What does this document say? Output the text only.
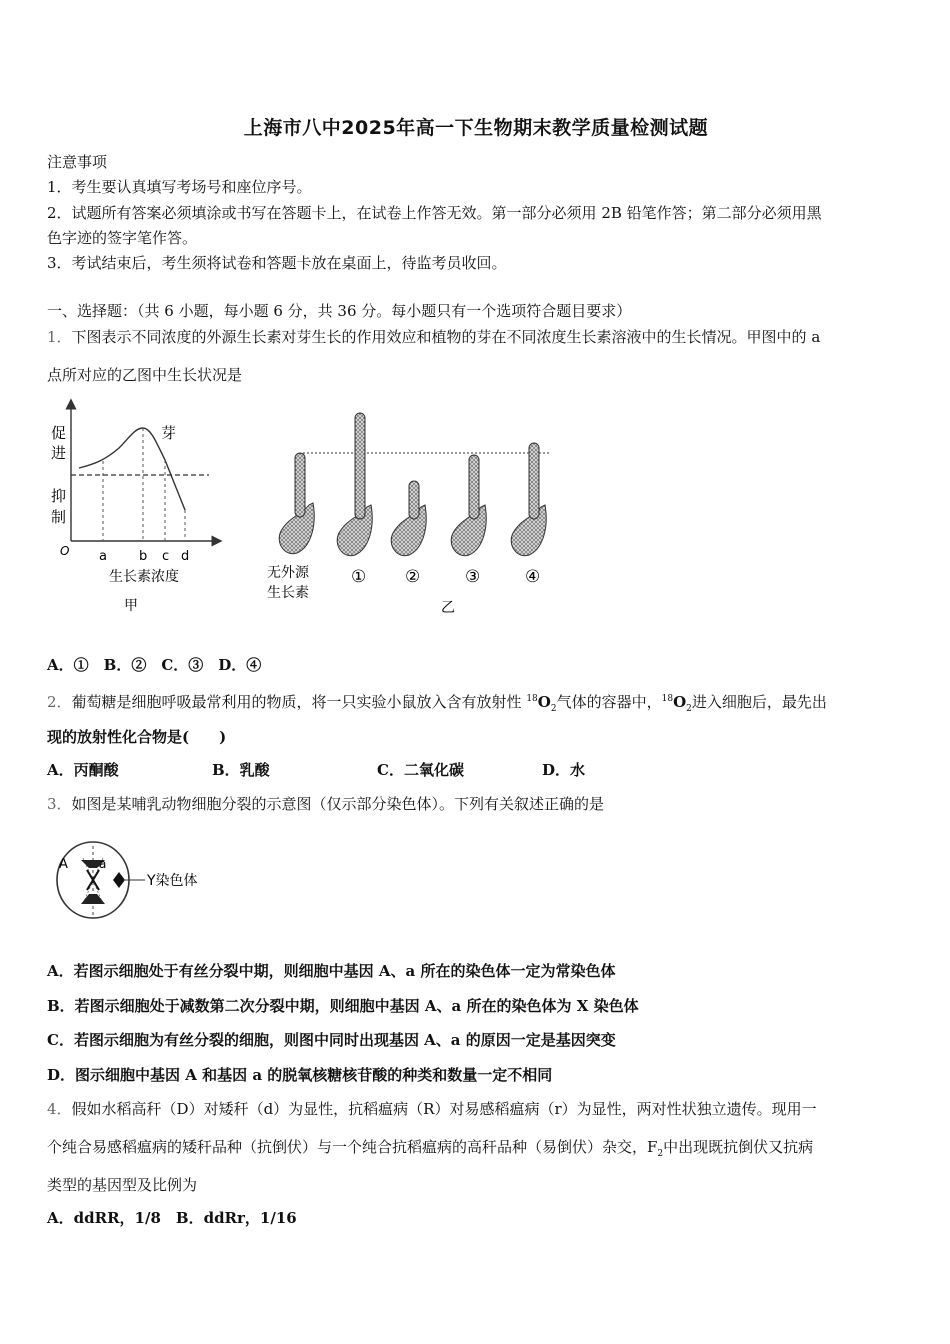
上海市八中2025年高一下生物期末教学质量检测试题
注意事项
1．考生要认真填写考场号和座位序号。
2．试题所有答案必须填涂或书写在答题卡上，在试卷上作答无效。第一部分必须用 2B 铅笔作答；第二部分必须用黑
色字迹的签字笔作答。
3．考试结束后，考生须将试卷和答题卡放在桌面上，待监考员收回。
一、选择题：（共 6 小题，每小题 6 分，共 36 分。每小题只有一个选项符合题目要求）
1．下图表示不同浓度的外源生长素对芽生长的作用效应和植物的芽在不同浓度生长素溶液中的生长情况。甲图中的 a
点所对应的乙图中生长状况是
促
进
抑
制
O
芽
a b c d
生长素浓度
甲
无外源
生长素
① ②	③	④
乙
A．①　B．②　C．③　D．④
2．葡萄糖是细胞呼吸最常利用的物质，将一只实验小鼠放入含有放射性 $^{18}O_2$气体的容器中，$^{18}O_2$进入细胞后，最先出
现的放射性化合物是(　　)
A．丙酮酸	B．乳酸	C．二氧化碳	D．水
3．如图是某哺乳动物细胞分裂的示意图（仅示部分染色体）。下列有关叙述正确的是
A	a
Y染色体
A．若图示细胞处于有丝分裂中期，则细胞中基因 A、a 所在的染色体一定为常染色体
B．若图示细胞处于减数第二次分裂中期，则细胞中基因 A、a 所在的染色体为 X 染色体
C．若图示细胞为有丝分裂的细胞，则图中同时出现基因 A、a 的原因一定是基因突变
D．图示细胞中基因 A 和基因 a 的脱氧核糖核苷酸的种类和数量一定不相同
4．假如水稻高秆（D）对矮秆（d）为显性，抗稻瘟病（R）对易感稻瘟病（r）为显性，两对性状独立遗传。现用一
个纯合易感稻瘟病的矮秆品种（抗倒伏）与一个纯合抗稻瘟病的高秆品种（易倒伏）杂交，$F_2$中出现既抗倒伏又抗病
类型的基因型及比例为
A．ddRR，1/8　B．ddRr，1/16
